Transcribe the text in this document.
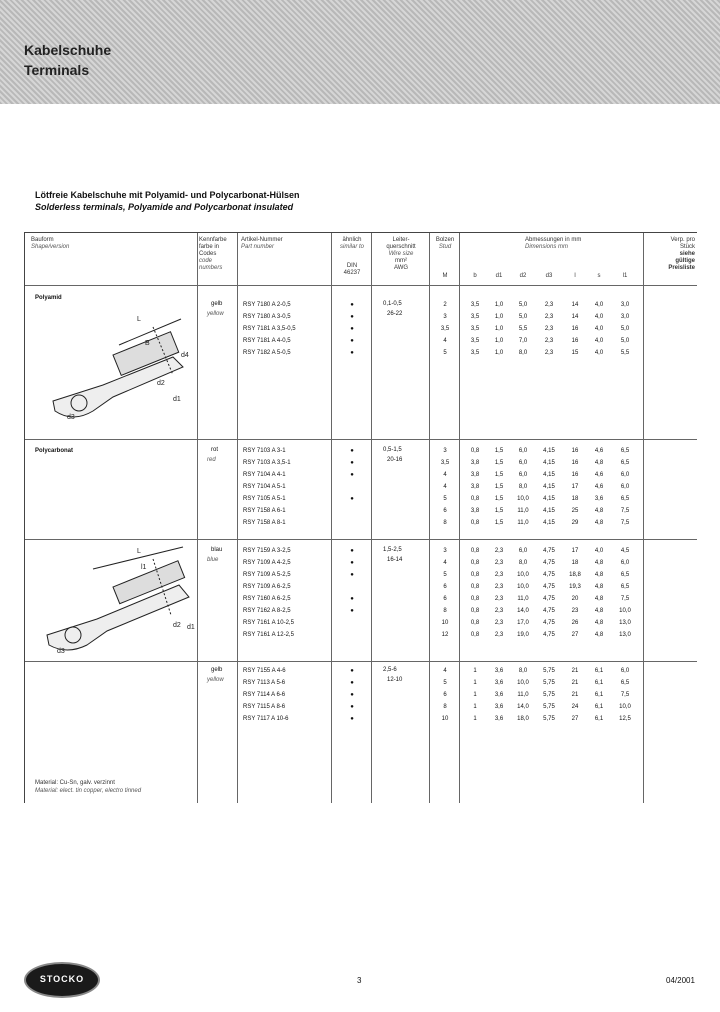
Kabelschuhe
Terminals
Lötfreie Kabelschuhe mit Polyamid- und Polycarbonat-Hülsen
Solderless terminals, Polyamide and Polycarbonat insulated
Bauform
Shape/version
Kennfarbe
farbe in
Codes
code
numbers
Artikel-Nummer
Part number
ähnlich
similar to
DIN
46237
Leiter-
querschnitt
Wire size
mm²
AWG
Bolzen
Stud
M
Abmessungen in mm
Dimensions mm
b	d1	d2	d3	l	s	l1
Verp. pro
Stück
siehe
gültige
Preisliste
Polyamid
Polycarbonat
L
B
d4
d2
d3
d1
L
l1
d2 d1
d3
gelb
yellow
0,1-0,5
26-22
RSY 7180 A 2-0,5	●	2	3,5	1,0	5,0	2,3	14	4,0	3,0
RSY 7180 A 3-0,5	●	3	3,5	1,0	5,0	2,3	14	4,0	3,0
RSY 7181 A 3,5-0,5	●	3,5	3,5	1,0	5,5	2,3	16	4,0	5,0
RSY 7181 A 4-0,5	●	4	3,5	1,0	7,0	2,3	16	4,0	5,0
RSY 7182 A 5-0,5	●	5	3,5	1,0	8,0	2,3	15	4,0	5,5
rot
red
0,5-1,5
20-16
RSY 7103 A 3-1	●	3	0,8	1,5	6,0	4,15	16	4,6	6,5
RSY 7103 A 3,5-1	●	3,5	3,8	1,5	6,0	4,15	16	4,8	6,5
RSY 7104 A 4-1	●	4	3,8	1,5	6,0	4,15	16	4,6	6,0
RSY 7104 A 5-1	4	3,8	1,5	8,0	4,15	17	4,6	6,0
RSY 7105 A 5-1	●	5	0,8	1,5	10,0	4,15	18	3,6	6,5
RSY 7158 A 6-1	6	3,8	1,5	11,0	4,15	25	4,8	7,5
RSY 7158 A 8-1	8	0,8	1,5	11,0	4,15	29	4,8	7,5
blau
blue
1,5-2,5
16-14
RSY 7159 A 3-2,5	●	3	0,8	2,3	6,0	4,75	17	4,0	4,5
RSY 7109 A 4-2,5	●	4	0,8	2,3	8,0	4,75	18	4,8	6,0
RSY 7109 A 5-2,5	●	5	0,8	2,3	10,0	4,75	18,8	4,8	6,5
RSY 7109 A 6-2,5	6	0,8	2,3	10,0	4,75	19,3	4,8	6,5
RSY 7160 A 6-2,5	●	6	0,8	2,3	11,0	4,75	20	4,8	7,5
RSY 7162 A 8-2,5	●	8	0,8	2,3	14,0	4,75	23	4,8	10,0
RSY 7161 A 10-2,5	10	0,8	2,3	17,0	4,75	26	4,8	13,0
RSY 7161 A 12-2,5	12	0,8	2,3	19,0	4,75	27	4,8	13,0
gelb
yellow
2,5-6
12-10
RSY 7155 A 4-6	●	4	1	3,6	8,0	5,75	21	6,1	6,0
RSY 7113 A 5-6	●	5	1	3,6	10,0	5,75	21	6,1	6,5
RSY 7114 A 6-6	●	6	1	3,6	11,0	5,75	21	6,1	7,5
RSY 7115 A 8-6	●	8	1	3,6	14,0	5,75	24	6,1	10,0
RSY 7117 A 10-6	●	10	1	3,6	18,0	5,75	27	6,1	12,5
Material: Cu-Sn, galv. verzinnt
Material: elect. tin copper, electro tinned
STOCKO	3	04/2001
